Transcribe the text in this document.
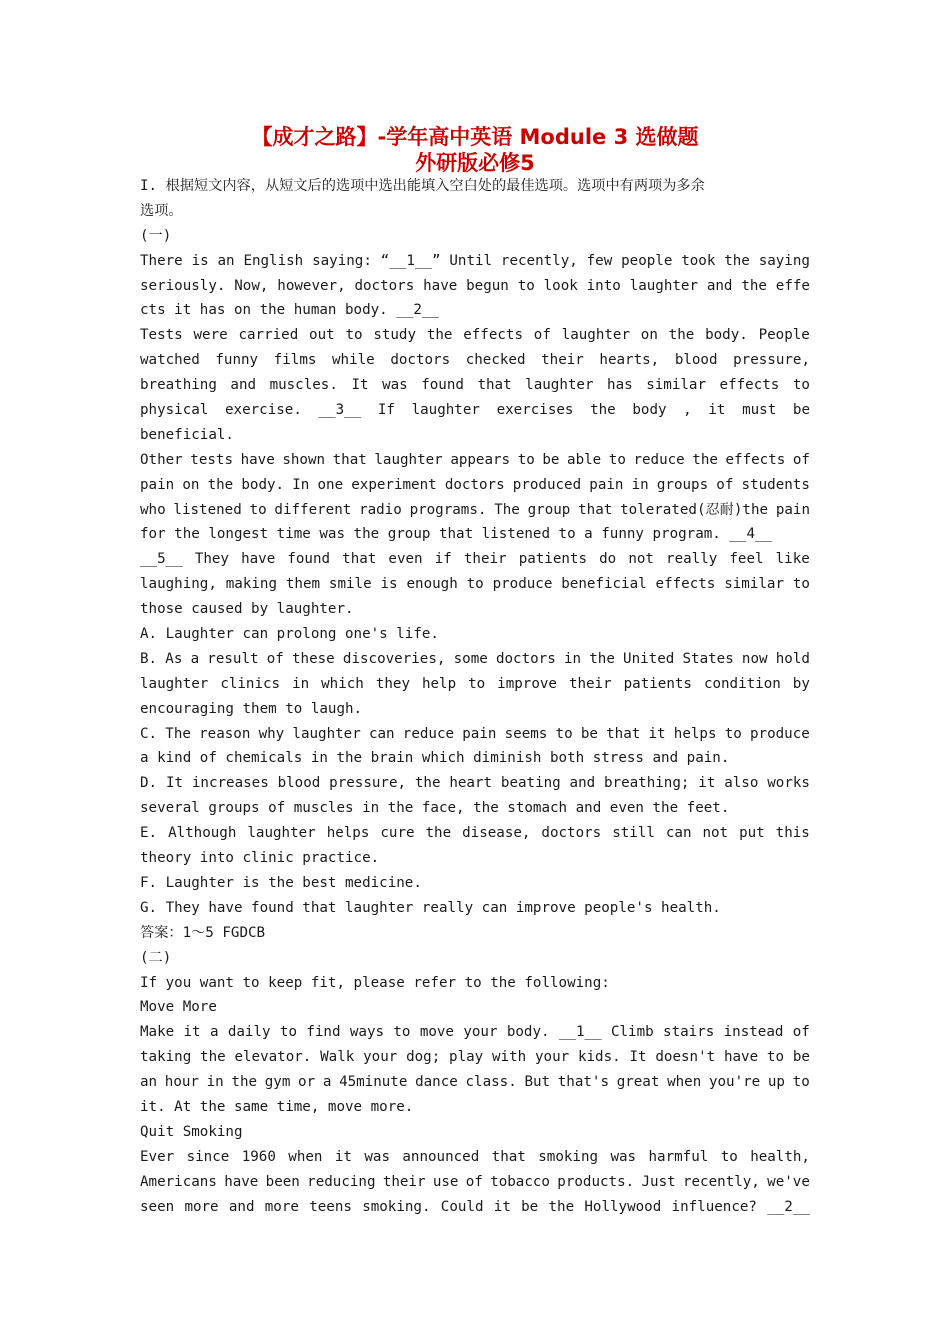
【成才之路】-学年高中英语 Module 3 选做题
外研版必修5
I. 根据短文内容，从短文后的选项中选出能填入空白处的最佳选项。选项中有两项为多余
选项。
(一)
There is an English saying: “__1__” Until recently, few people took the saying
seriously. Now, however, doctors have begun to look into laughter and the effe
cts it has on the human body. __2__
Tests were carried out to study the effects of laughter on the body. People
watched funny films while doctors checked their hearts, blood pressure,
breathing and muscles. It was found that laughter has similar effects to
physical exercise. __3__ If laughter exercises the body , it must be
beneficial.
Other tests have shown that laughter appears to be able to reduce the effects of
pain on the body. In one experiment doctors produced pain in groups of students
who listened to different radio programs. The group that tolerated(忍耐)the pain
for the longest time was the group that listened to a funny program. __4__
__5__ They have found that even if their patients do not really feel like
laughing, making them smile is enough to produce beneficial effects similar to
those caused by laughter.
A. Laughter can prolong one's life.
B. As a result of these discoveries, some doctors in the United States now hold
laughter clinics in which they help to improve their patients condition by
encouraging them to laugh.
C. The reason why laughter can reduce pain seems to be that it helps to produce
a kind of chemicals in the brain which diminish both stress and pain.
D. It increases blood pressure, the heart beating and breathing; it also works
several groups of muscles in the face, the stomach and even the feet.
E. Although laughter helps cure the disease, doctors still can not put this
theory into clinic practice.
F. Laughter is the best medicine.
G. They have found that laughter really can improve people's health.
答案：1～5 FGDCB
(二)
If you want to keep fit, please refer to the following:
Move More
Make it a daily to find ways to move your body. __1__ Climb stairs instead of
taking the elevator. Walk your dog; play with your kids. It doesn't have to be
an hour in the gym or a 45minute dance class. But that's great when you're up to
it. At the same time, move more.
Quit Smoking
Ever since 1960 when it was announced that smoking was harmful to health,
Americans have been reducing their use of tobacco products. Just recently, we've
seen more and more teens smoking. Could it be the Hollywood influence? __2__
